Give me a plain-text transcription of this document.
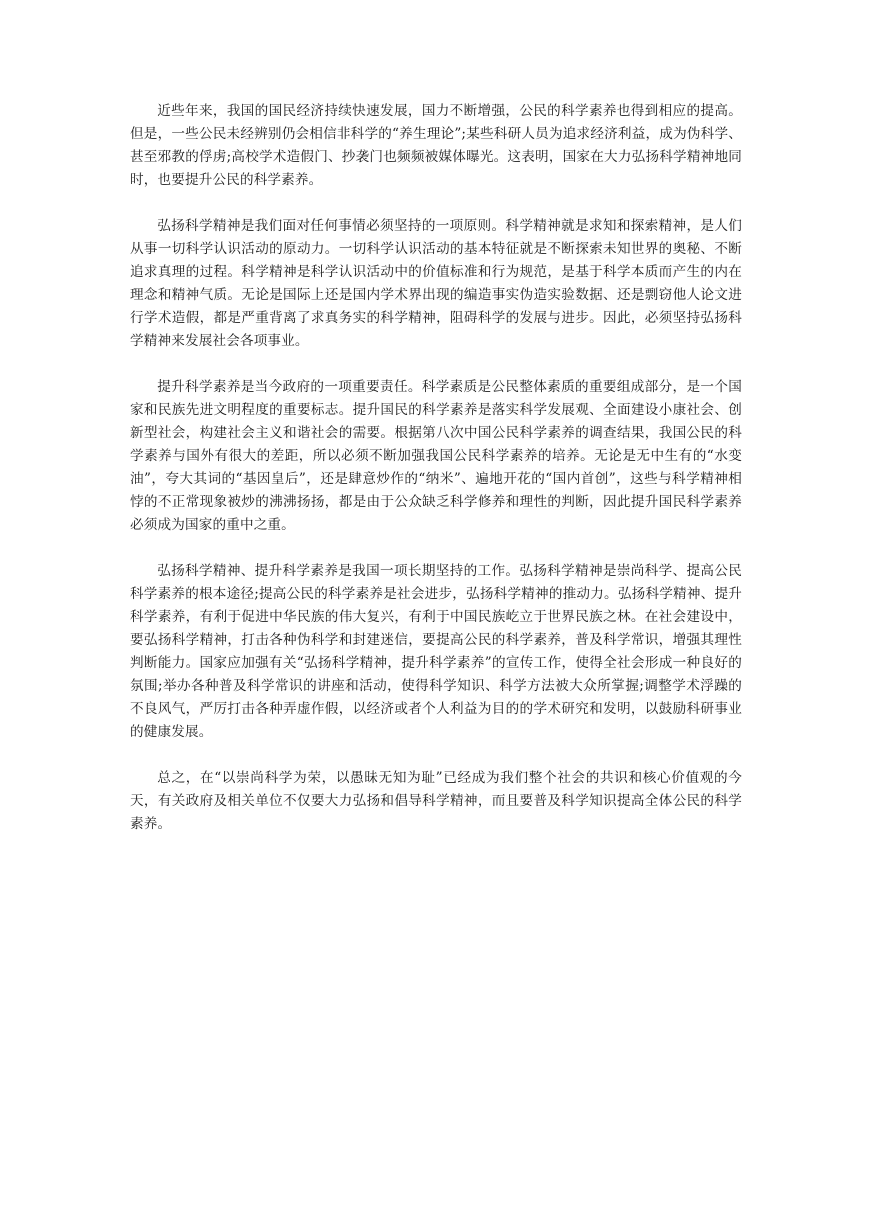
近些年来，我国的国民经济持续快速发展，国力不断增强，公民的科学素养也得到相应的提高。但是，一些公民未经辨别仍会相信非科学的“养生理论”;某些科研人员为追求经济利益，成为伪科学、甚至邪教的俘虏;高校学术造假门、抄袭门也频频被媒体曝光。这表明，国家在大力弘扬科学精神地同时，也要提升公民的科学素养。

弘扬科学精神是我们面对任何事情必须坚持的一项原则。科学精神就是求知和探索精神，是人们从事一切科学认识活动的原动力。一切科学认识活动的基本特征就是不断探索未知世界的奥秘、不断追求真理的过程。科学精神是科学认识活动中的价值标准和行为规范，是基于科学本质而产生的内在理念和精神气质。无论是国际上还是国内学术界出现的编造事实伪造实验数据、还是剽窃他人论文进行学术造假，都是严重背离了求真务实的科学精神，阻碍科学的发展与进步。因此，必须坚持弘扬科学精神来发展社会各项事业。

提升科学素养是当今政府的一项重要责任。科学素质是公民整体素质的重要组成部分，是一个国家和民族先进文明程度的重要标志。提升国民的科学素养是落实科学发展观、全面建设小康社会、创新型社会，构建社会主义和谐社会的需要。根据第八次中国公民科学素养的调查结果，我国公民的科学素养与国外有很大的差距，所以必须不断加强我国公民科学素养的培养。无论是无中生有的“水变油”，夸大其词的“基因皇后”，还是肆意炒作的“纳米”、遍地开花的“国内首创”，这些与科学精神相悖的不正常现象被炒的沸沸扬扬，都是由于公众缺乏科学修养和理性的判断，因此提升国民科学素养必须成为国家的重中之重。

弘扬科学精神、提升科学素养是我国一项长期坚持的工作。弘扬科学精神是崇尚科学、提高公民科学素养的根本途径;提高公民的科学素养是社会进步，弘扬科学精神的推动力。弘扬科学精神、提升科学素养，有利于促进中华民族的伟大复兴，有利于中国民族屹立于世界民族之林。在社会建设中，要弘扬科学精神，打击各种伪科学和封建迷信，要提高公民的科学素养，普及科学常识，增强其理性判断能力。国家应加强有关“弘扬科学精神，提升科学素养”的宣传工作，使得全社会形成一种良好的氛围;举办各种普及科学常识的讲座和活动，使得科学知识、科学方法被大众所掌握;调整学术浮躁的不良风气，严厉打击各种弄虚作假，以经济或者个人利益为目的的学术研究和发明，以鼓励科研事业的健康发展。

总之，在“以崇尚科学为荣，以愚昧无知为耻”已经成为我们整个社会的共识和核心价值观的今天，有关政府及相关单位不仅要大力弘扬和倡导科学精神，而且要普及科学知识提高全体公民的科学素养。
